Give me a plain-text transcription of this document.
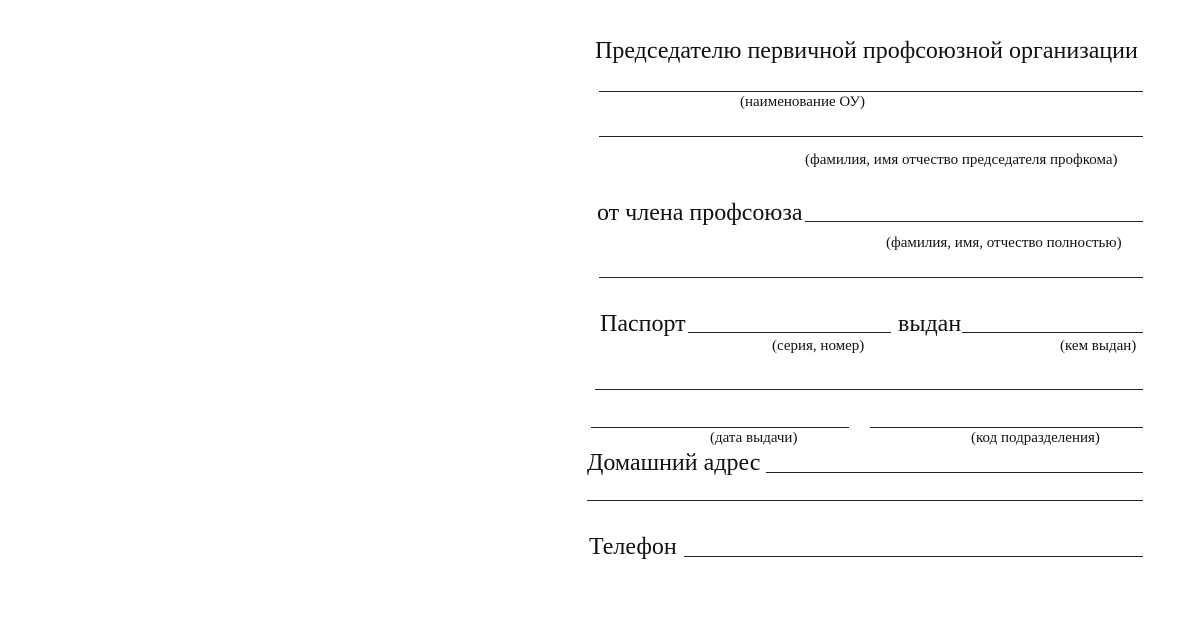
Председателю первичной профсоюзной организации
(наименование ОУ)
(фамилия, имя отчество председателя профкома)
от члена профсоюза
(фамилия, имя, отчество полностью)
Паспорт	выдан
(серия, номер)	(кем выдан)
(дата выдачи)	(код подразделения)
Домашний адрес
Телефон
